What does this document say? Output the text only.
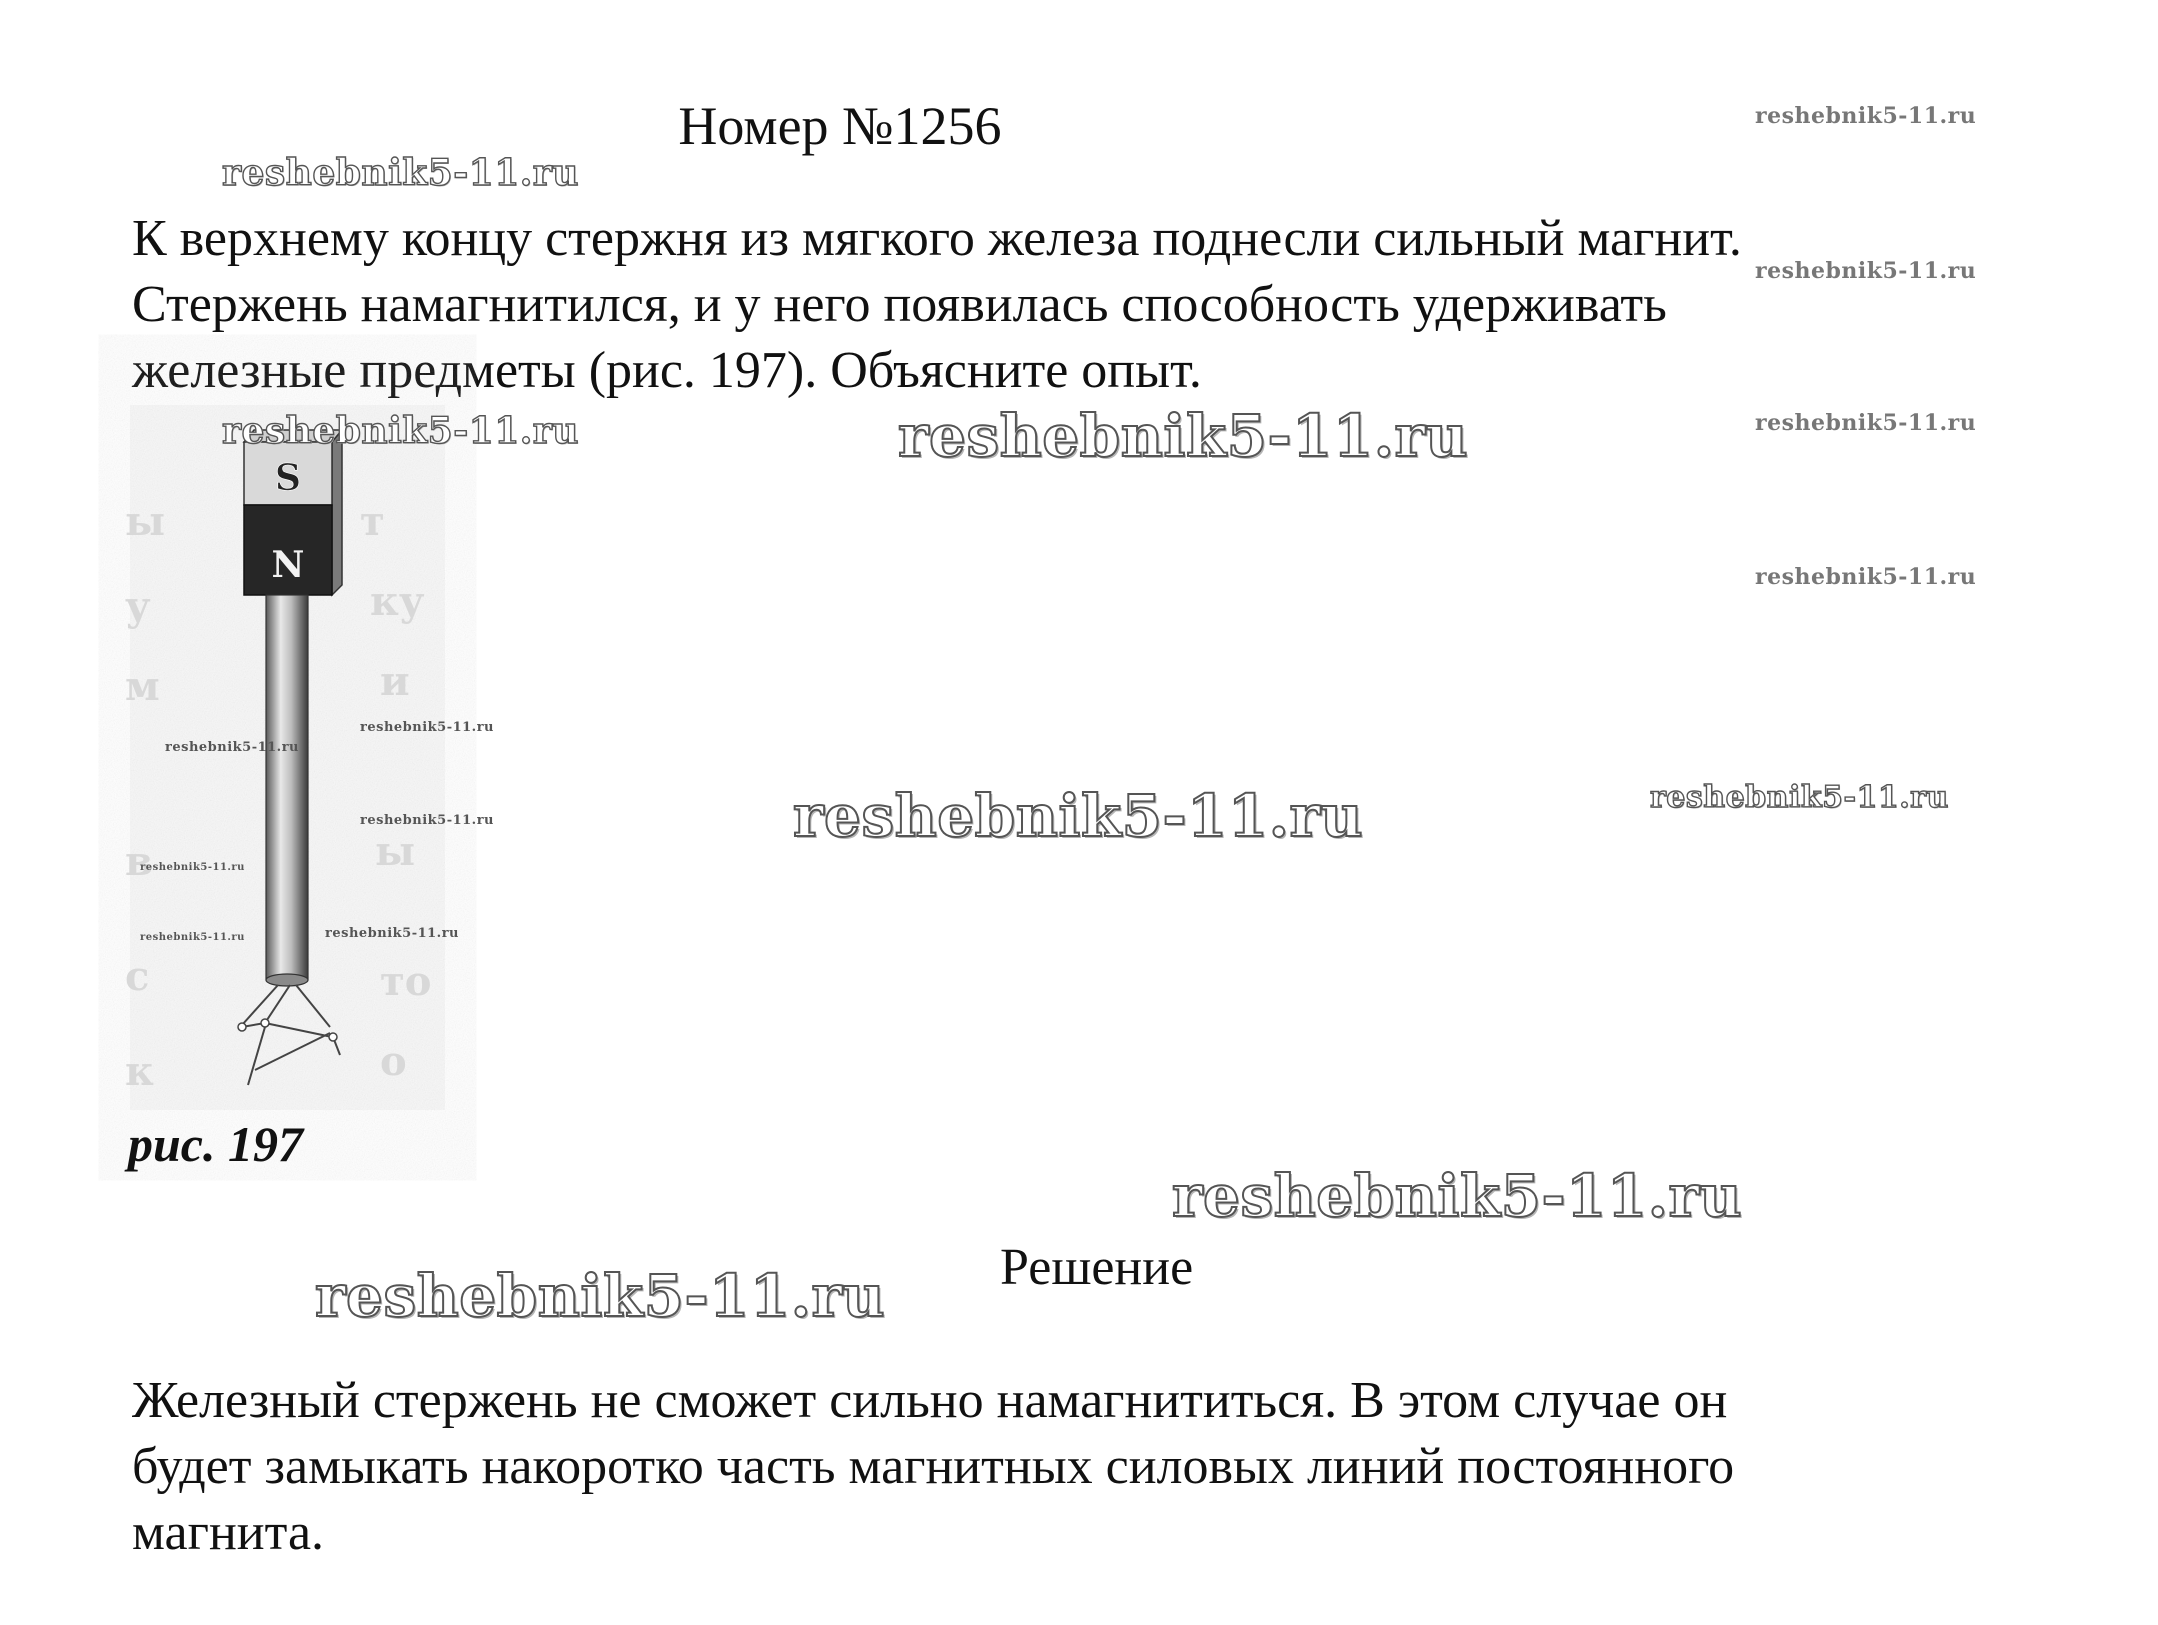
Номер №1256
К верхнему концу стержня из мягкого железа поднесли сильный магнит.
Стержень намагнитился, и у него появилась способность удерживать
железные предметы (рис. 197). Объясните опыт.
ы	т
у	ку
м	и
в	ы
с	то
к	о
S
N
рис. 197
Решение
Железный стержень не сможет сильно намагнититься. В этом случае он
будет замыкать накоротко часть магнитных силовых линий постоянного
магнита.
reshebnik5-11.ru
reshebnik5-11.ru
reshebnik5-11.ru
reshebnik5-11.ru
reshebnik5-11.ru
reshebnik5-11.ru
reshebnik5-11.ru
reshebnik5-11.ru	reshebnik5-11.ru
reshebnik5-11.ru
reshebnik5-11.ru
reshebnik5-11.ru
reshebnik5-11.ru
reshebnik5-11.ru
reshebnik5-11.ru
reshebnik5-11.ru
reshebnik5-11.ru
